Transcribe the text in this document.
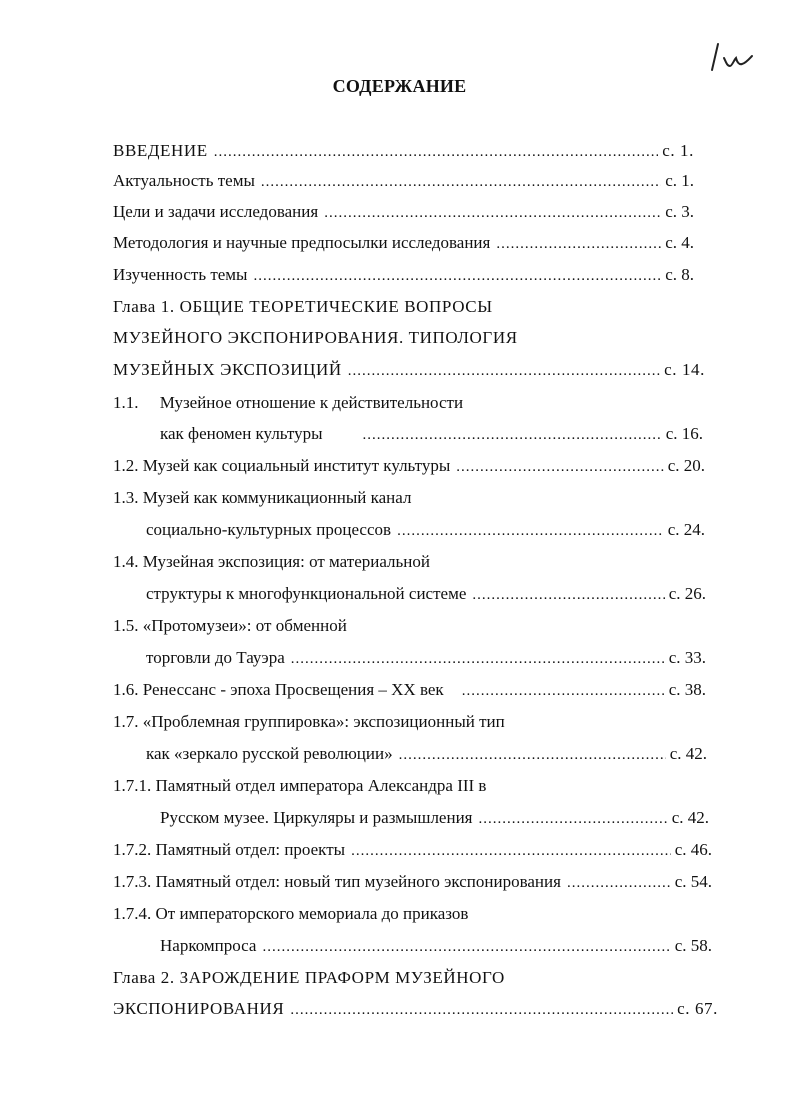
СОДЕРЖАНИЕ
ВВЕДЕНИЕ .....	с. 1.
Актуальность темы .....	с. 1.
Цели и задачи исследования .....	с. 3.
Методология и научные предпосылки исследования .....	с. 4.
Изученность темы .....	с. 8.
Глава 1. ОБЩИЕ ТЕОРЕТИЧЕСКИЕ ВОПРОСЫ
МУЗЕЙНОГО ЭКСПОНИРОВАНИЯ. ТИПОЛОГИЯ
МУЗЕЙНЫХ ЭКСПОЗИЦИЙ .....	с. 14.
1.1.     Музейное отношение к действительности
как феномен культуры .....	с. 16.
1.2. Музей как социальный институт культуры .....	с. 20.
1.3. Музей как коммуникационный канал
социально-культурных процессов .....	с. 24.
1.4. Музейная экспозиция: от материальной
структуры к многофункциональной системе .....	с. 26.
1.5. «Протомузеи»: от обменной
торговли до Тауэра .....	с. 33.
1.6. Ренессанс - эпоха Просвещения – XX век .....	с. 38.
1.7. «Проблемная группировка»: экспозиционный тип
как «зеркало русской революции» .....	с. 42.
1.7.1. Памятный отдел императора Александра III в
Русском музее. Циркуляры и размышления .....	с. 42.
1.7.2. Памятный отдел: проекты .....	с. 46.
1.7.3. Памятный отдел: новый тип музейного экспонирования .....	с. 54.
1.7.4. От императорского мемориала до приказов
Наркомпроса .....	с. 58.
Глава 2. ЗАРОЖДЕНИЕ ПРАФОРМ МУЗЕЙНОГО
ЭКСПОНИРОВАНИЯ .....	с. 67.
